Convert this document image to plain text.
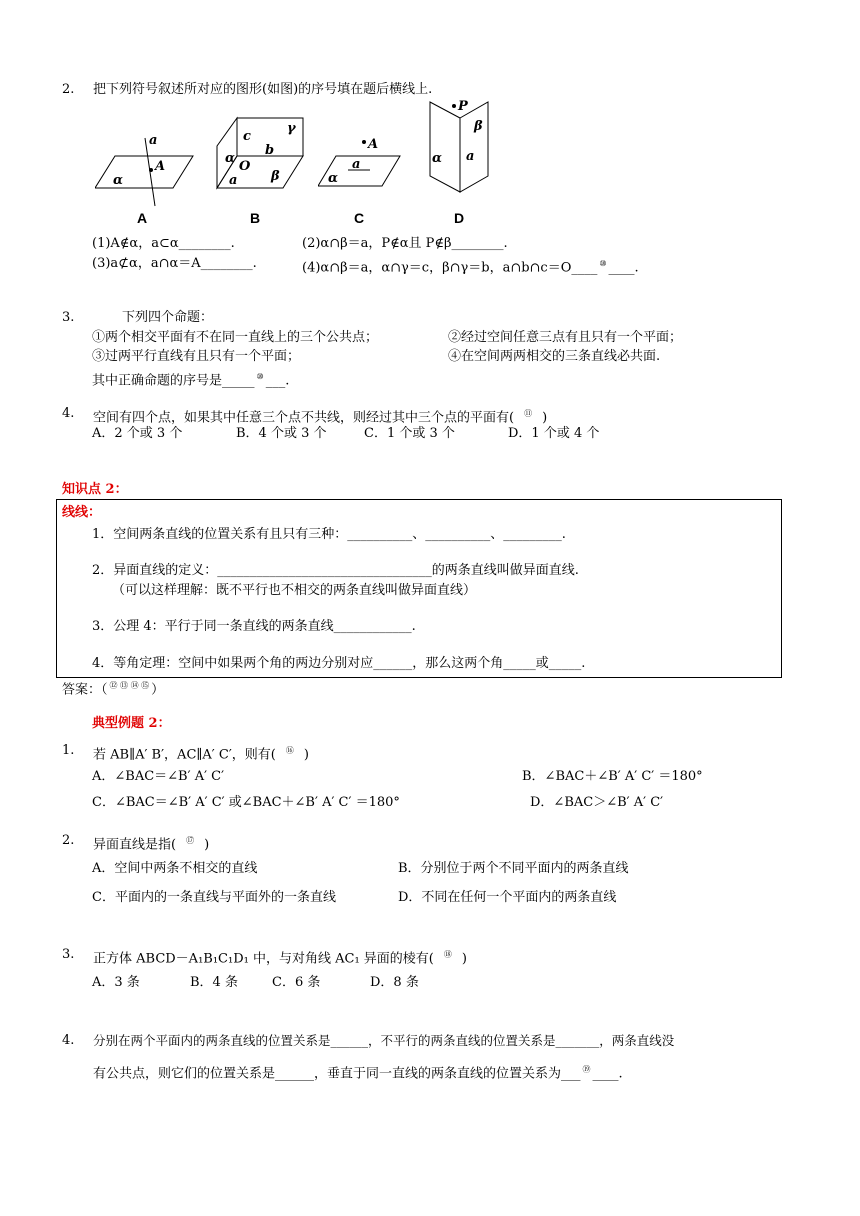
2. 把下列符号叙述所对应的图形(如图)的序号填在题后横线上.
a
A
α
A
c
γ
α
b
O
a	β
B
A
a
α
C
P
β
α a
D
(1)A∉α，a⊂α________.	(2)α∩β＝a，P∉α且 P∉β________.
(3)a⊄α，a∩α＝A________.	(4)α∩β＝a，α∩γ＝c，β∩γ＝b，a∩b∩c＝O____ ⑩ ____.
3.	下列四个命题：
①两个相交平面有不在同一直线上的三个公共点；	②经过空间任意三点有且只有一个平面；
③过两平行直线有且只有一个平面；	④在空间两两相交的三条直线必共面.
其中正确命题的序号是_____ ⑩ ___.
4. 空间有四个点，如果其中任意三个点不共线，则经过其中三个点的平面有( ⑪ )
A．2 个或 3 个	B．4 个或 3 个	C．1 个或 3 个	D．1 个或 4 个
知识点 2：
线线：
1．空间两条直线的位置关系有且只有三种：__________、__________、_________.
2．异面直线的定义：_________________________________的两条直线叫做异面直线.
（可以这样理解：既不平行也不相交的两条直线叫做异面直线）
3．公理 4：平行于同一条直线的两条直线____________.
4．等角定理：空间中如果两个角的两边分别对应______，那么这两个角_____或_____.
答案：（ ⑫ ⑬ ⑭ ⑮ ）
典型例题 2：
1. 若 AB∥A′ B′，AC∥A′ C′，则有( ⑯ )
A．∠BAC＝∠B′ A′ C′	B．∠BAC＋∠B′ A′ C′ ＝180°
C．∠BAC＝∠B′ A′ C′ 或∠BAC＋∠B′ A′ C′ ＝180°	D．∠BAC＞∠B′ A′ C′
2. 异面直线是指( ⑰ )
A．空间中两条不相交的直线	B．分别位于两个不同平面内的两条直线
C．平面内的一条直线与平面外的一条直线	D．不同在任何一个平面内的两条直线
3. 正方体 ABCD－A₁B₁C₁D₁ 中，与对角线 AC₁ 异面的棱有( ⑱ )
A．3 条	B．4 条	C．6 条	D．8 条
4. 分别在两个平面内的两条直线的位置关系是______，不平行的两条直线的位置关系是_______，两条直线没
有公共点，则它们的位置关系是______，垂直于同一直线的两条直线的位置关系为___ ⑲ ____.
